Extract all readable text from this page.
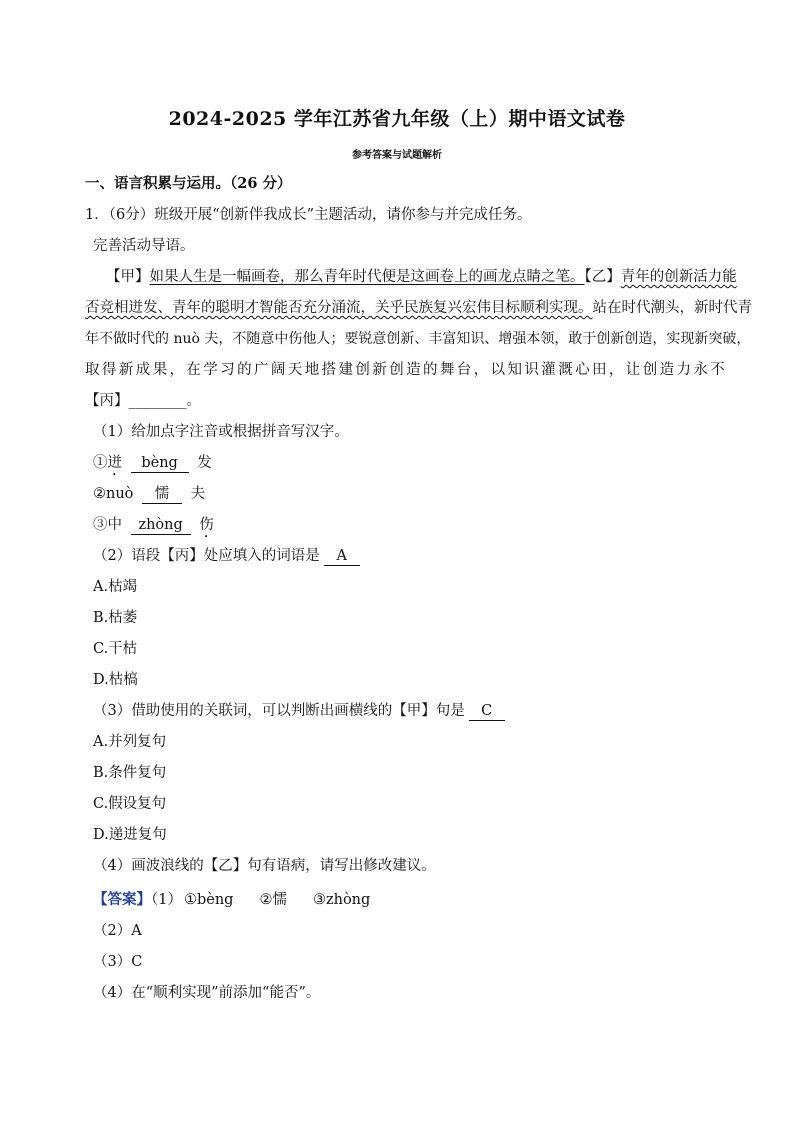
2024-2025 学年江苏省九年级（上）期中语文试卷
参考答案与试题解析
一、语言积累与运用。（26 分）
1．（6分）班级开展“创新伴我成长”主题活动，请你参与并完成任务。
完善活动导语。
【甲】如果人生是一幅画卷，那么青年时代便是这画卷上的画龙点睛之笔。【乙】青年的创新活力能
否竞相迸发、青年的聪明才智能否充分涌流，关乎民族复兴宏伟目标顺利实现。站在时代潮头，新时代青
年不做时代的 nuò 夫，不随意中伤他人；要锐意创新、丰富知识、增强本领，敢于创新创造，实现新突破，
取得新成果，在学习的广阔天地搭建创新创造的舞台，以知识灌溉心田，让创造力永不
【丙】________。
（1）给加点字注音或根据拼音写汉字。
①迸 bèng 发
②nuò 懦 夫
③中 zhòng 伤
（2）语段【丙】处应填入的词语是 A
A.枯竭
B.枯萎
C.干枯
D.枯槁
（3）借助使用的关联词，可以判断出画横线的【甲】句是 C
A.并列复句
B.条件复句
C.假设复句
D.递进复句
（4）画波浪线的【乙】句有语病，请写出修改建议。
【答案】（1） ①bèng ②懦 ③zhòng
（2）A
（3）C
（4）在“顺利实现”前添加“能否”。
